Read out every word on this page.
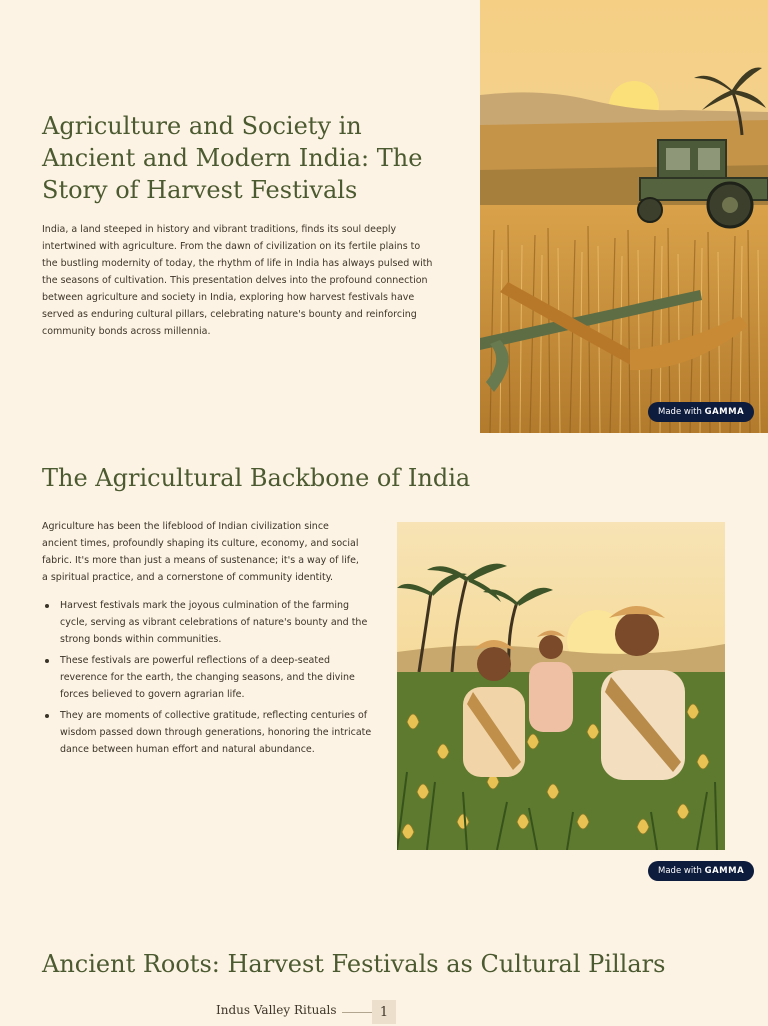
Agriculture and Society in Ancient and Modern India: The Story of Harvest Festivals

India, a land steeped in history and vibrant traditions, finds its soul deeply intertwined with agriculture. From the dawn of civilization on its fertile plains to the bustling modernity of today, the rhythm of life in India has always pulsed with the seasons of cultivation. This presentation delves into the profound connection between agriculture and society in India, exploring how harvest festivals have served as enduring cultural pillars, celebrating nature's bounty and reinforcing community bonds across millennia.

Made with GAMMA
The Agricultural Backbone of India

Agriculture has been the lifeblood of Indian civilization since ancient times, profoundly shaping its culture, economy, and social fabric. It's more than just a means of sustenance; it's a way of life, a spiritual practice, and a cornerstone of community identity.

Harvest festivals mark the joyous culmination of the farming cycle, serving as vibrant celebrations of nature's bounty and the strong bonds within communities.
These festivals are powerful reflections of a deep-seated reverence for the earth, the changing seasons, and the divine forces believed to govern agrarian life.
They are moments of collective gratitude, reflecting centuries of wisdom passed down through generations, honoring the intricate dance between human effort and natural abundance.
Made with GAMMA
Ancient Roots: Harvest Festivals as Cultural Pillars
Indus Valley Rituals	1
